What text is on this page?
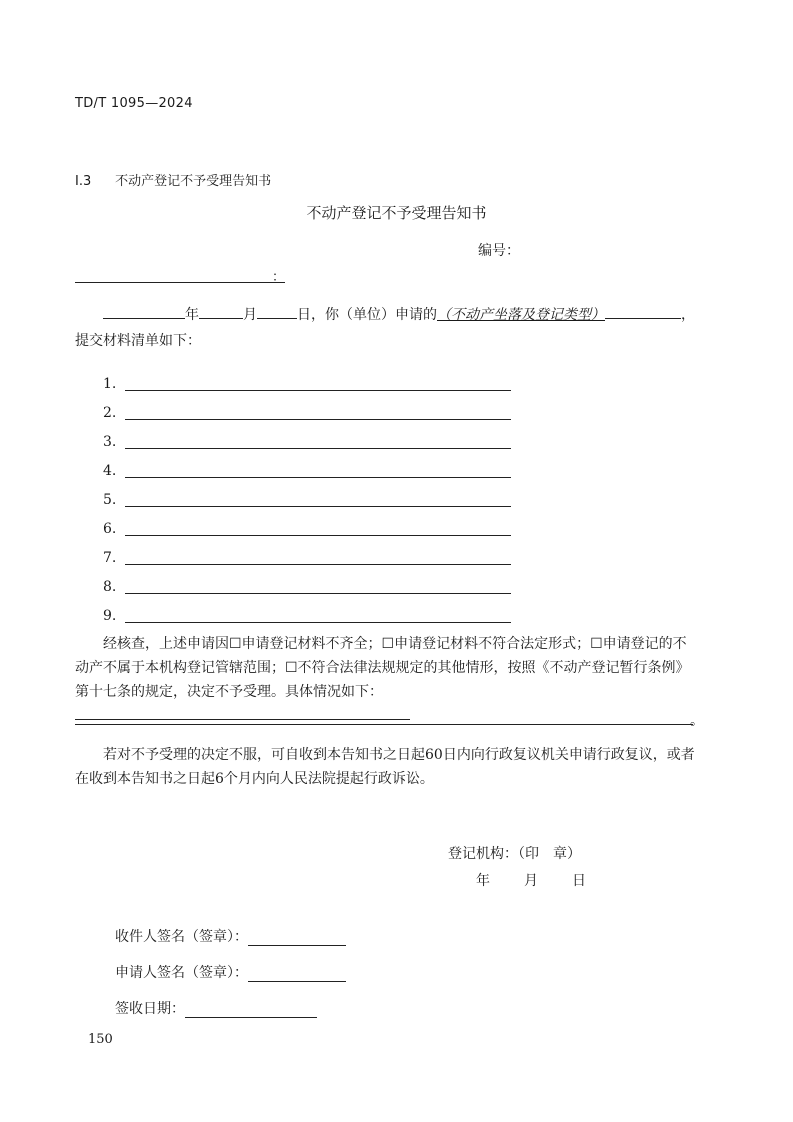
TD/T 1095—2024
I.3 不动产登记不予受理告知书
不动产登记不予受理告知书
编号：
：
年	月	日，你（单位）申请的（不动产坐落及登记类型）	，
提交材料清单如下：
1.
2.
3.
4.
5.
6.
7.
8.
9.
经核查，上述申请因☐申请登记材料不齐全；☐申请登记材料不符合法定形式；☐申请登记的不动产不属于本机构登记管辖范围；☐不符合法律法规规定的其他情形，按照《不动产登记暂行条例》第十七条的规定，决定不予受理。具体情况如下：
。
若对不予受理的决定不服，可自收到本告知书之日起60日内向行政复议机关申请行政复议，或者在收到本告知书之日起6个月内向人民法院提起行政诉讼。
登记机构：（印　章）
年 月 日
收件人签名（签章）：
申请人签名（签章）：
签收日期：
150
